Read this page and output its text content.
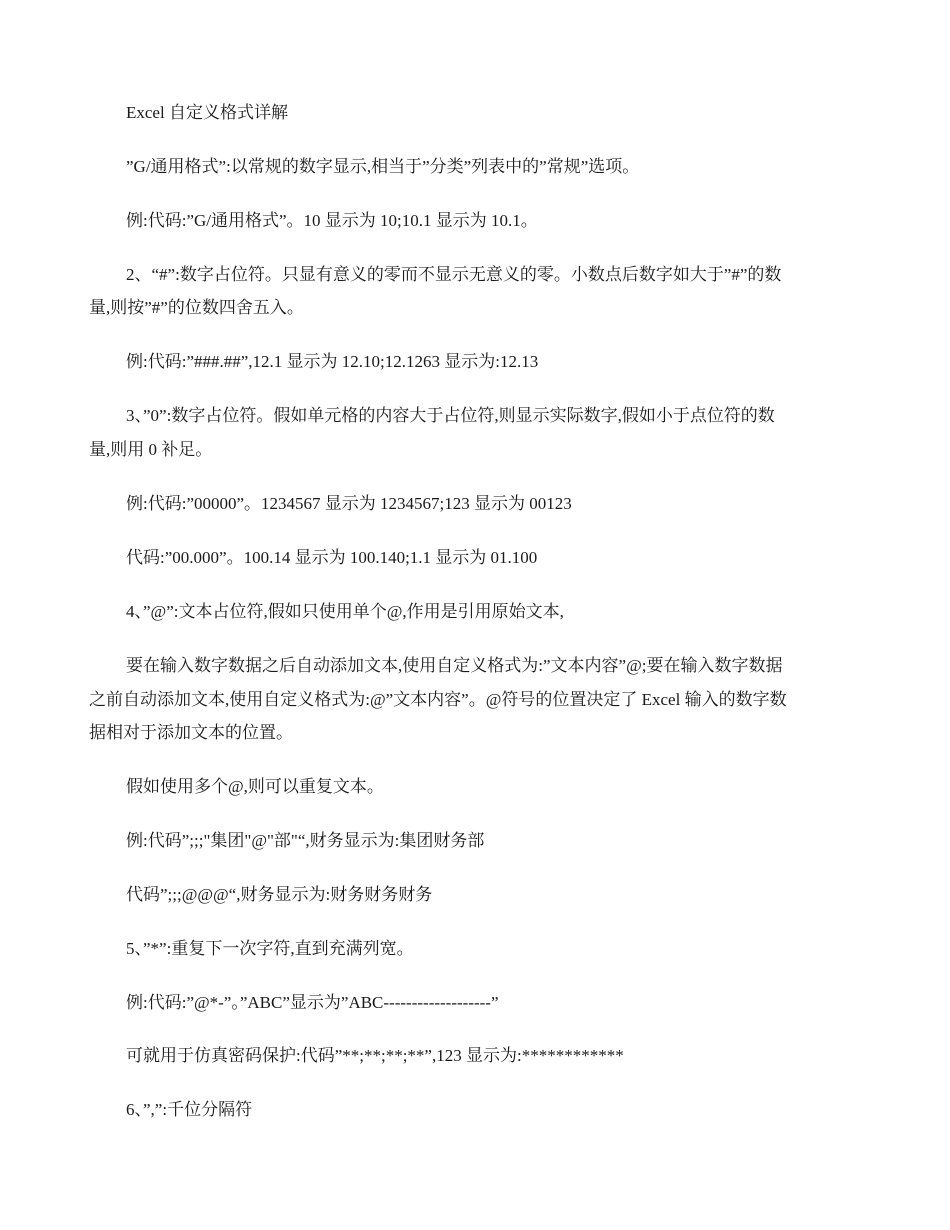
Excel 自定义格式详解
”G/通用格式”:以常规的数字显示,相当于”分类”列表中的”常规”选项。
例:代码:”G/通用格式”。10 显示为 10;10.1 显示为 10.1。
2、“#”:数字占位符。只显有意义的零而不显示无意义的零。小数点后数字如大于”#”的数
量,则按”#”的位数四舍五入。
例:代码:”###.##”,12.1 显示为 12.10;12.1263 显示为:12.13
3、”0”:数字占位符。假如单元格的内容大于占位符,则显示实际数字,假如小于点位符的数
量,则用 0 补足。
例:代码:”00000”。1234567 显示为 1234567;123 显示为 00123
代码:”00.000”。100.14 显示为 100.140;1.1 显示为 01.100
4、”@”:文本占位符,假如只使用单个@,作用是引用原始文本,
要在输入数字数据之后自动添加文本,使用自定义格式为:”文本内容”@;要在输入数字数据
之前自动添加文本,使用自定义格式为:@”文本内容”。@符号的位置决定了 Excel 输入的数字数
据相对于添加文本的位置。
假如使用多个@,则可以重复文本。
例:代码”;;;"集团"@"部"“,财务显示为:集团财务部
代码”;;;@@@“,财务显示为:财务财务财务
5、”*”:重复下一次字符,直到充满列宽。
例:代码:”@*-”。”ABC”显示为”ABC-------------------”
可就用于仿真密码保护:代码”**;**;**;**”,123 显示为:************
6、”,”:千位分隔符
